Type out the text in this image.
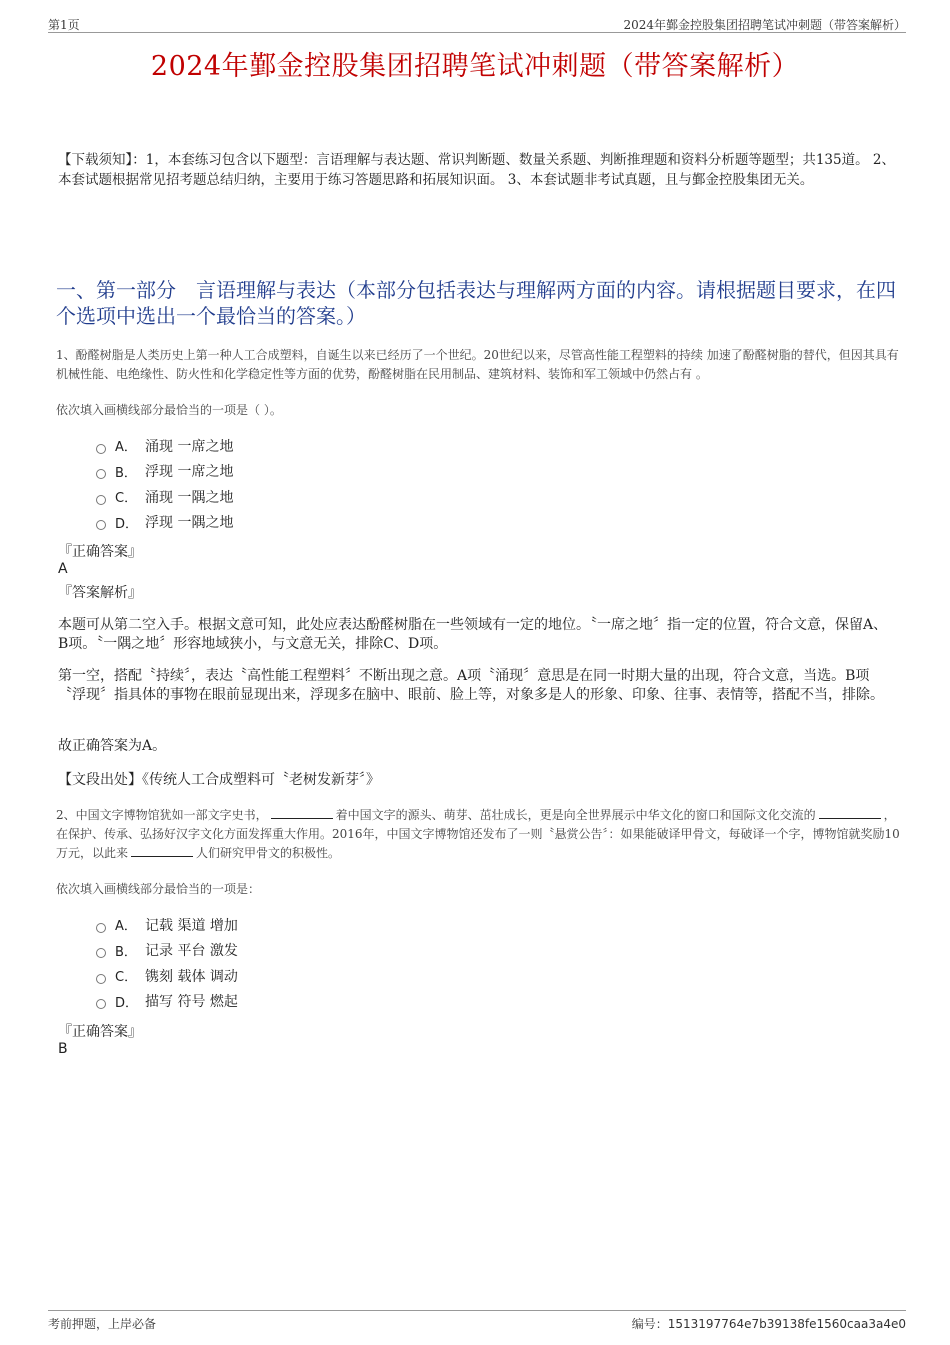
第1页	2024年鄞金控股集团招聘笔试冲刺题（带答案解析）
2024年鄞金控股集团招聘笔试冲刺题（带答案解析）
【下载须知】：1，本套练习包含以下题型：言语理解与表达题、常识判断题、数量关系题、判断推理题和资料分析题等题型；共135道。 2、本套试题根据常见招考题总结归纳，主要用于练习答题思路和拓展知识面。 3、本套试题非考试真题，且与鄞金控股集团无关。
一、第一部分　言语理解与表达（本部分包括表达与理解两方面的内容。请根据题目要求，在四个选项中选出一个最恰当的答案。）
1、酚醛树脂是人类历史上第一种人工合成塑料，自诞生以来已经历了一个世纪。20世纪以来，尽管高性能工程塑料的持续 加速了酚醛树脂的替代，但因其具有机械性能、电绝缘性、防火性和化学稳定性等方面的优势，酚醛树脂在民用制品、建筑材料、装饰和军工领域中仍然占有 。
依次填入画横线部分最恰当的一项是（ ）。
A． 涌现 一席之地
B． 浮现 一席之地
C． 涌现 一隅之地
D． 浮现 一隅之地
『正确答案』
A
『答案解析』
本题可从第二空入手。根据文意可知，此处应表达酚醛树脂在一些领域有一定的地位。〝一席之地〞指一定的位置，符合文意，保留A、B项。〝一隅之地〞形容地域狭小，与文意无关，排除C、D项。
第一空，搭配〝持续〞，表达〝高性能工程塑料〞不断出现之意。A项〝涌现〞意思是在同一时期大量的出现，符合文意，当选。B项〝浮现〞指具体的事物在眼前显现出来，浮现多在脑中、眼前、脸上等，对象多是人的形象、印象、往事、表情等，搭配不当，排除。
故正确答案为A。
【文段出处】《传统人工合成塑料可〝老树发新芽〞》
2、中国文字博物馆犹如一部文字史书，	着中国文字的源头、萌芽、茁壮成长，更是向全世界展示中华文化的窗口和国际文化交流的	，在保护、传承、弘扬好汉字文化方面发挥重大作用。2016年，中国文字博物馆还发布了一则〝悬赏公告〞：如果能破译甲骨文，每破译一个字，博物馆就奖励10万元，以此来	人们研究甲骨文的积极性。
依次填入画横线部分最恰当的一项是：
A． 记载 渠道 增加
B． 记录 平台 激发
C． 镌刻 载体 调动
D． 描写 符号 燃起
『正确答案』
B
考前押题，上岸必备	编号：1513197764e7b39138fe1560caa3a4e0
